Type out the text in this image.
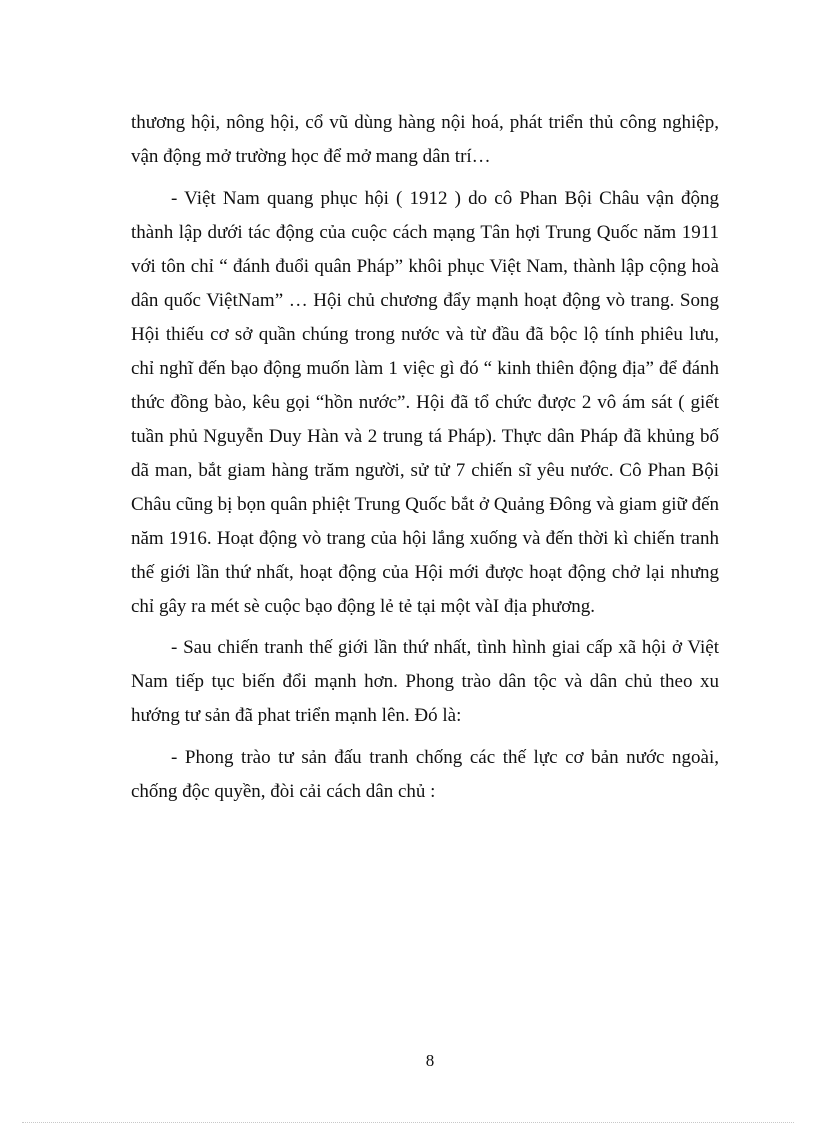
thương hội, nông hội, cổ vũ dùng hàng nội hoá, phát triển thủ công nghiệp, vận động mở trường học để mở mang dân trí…

- Việt Nam quang phục hội ( 1912 ) do cô Phan Bội Châu vận động thành lập dưới tác động của cuộc cách mạng Tân hợi Trung Quốc năm 1911 với tôn chỉ “ đánh đuổi quân Pháp” khôi phục Việt Nam, thành lập cộng hoà dân quốc ViệtNam” … Hội chủ chương đẩy mạnh hoạt động vò trang. Song Hội thiếu cơ sở quần chúng trong nước và từ đầu đã bộc lộ tính phiêu lưu, chỉ nghĩ đến bạo động muốn làm 1 việc gì đó “ kinh thiên động địa” để đánh thức đồng bào, kêu gọi “hồn nước”. Hội đã tổ chức được 2 vô ám sát ( giết tuần phủ Nguyễn Duy Hàn và 2 trung tá Pháp). Thực dân Pháp đã khủng bố dã man, bắt giam hàng trăm người, sử tử 7 chiến sĩ yêu nước. Cô Phan Bội Châu cũng bị bọn quân phiệt Trung Quốc bắt ở Quảng Đông và giam giữ đến năm 1916. Hoạt động vò trang của hội lắng xuống và đến thời kì chiến tranh thế giới lần thứ nhất, hoạt động của Hội mới được hoạt động chở lại nhưng chỉ gây ra mét sè cuộc bạo động lẻ tẻ tại một vàI địa phương.

- Sau chiến tranh thế giới lần thứ nhất, tình hình giai cấp xã hội ở Việt           Nam tiếp tục biến đổi mạnh hơn. Phong trào dân tộc và dân chủ theo xu hướng tư sản đã phat triển mạnh lên. Đó là:

- Phong trào tư sản đấu tranh chống các thế lực cơ bản nước ngoài, chống độc quyền, đòi cải cách dân chủ :

8
